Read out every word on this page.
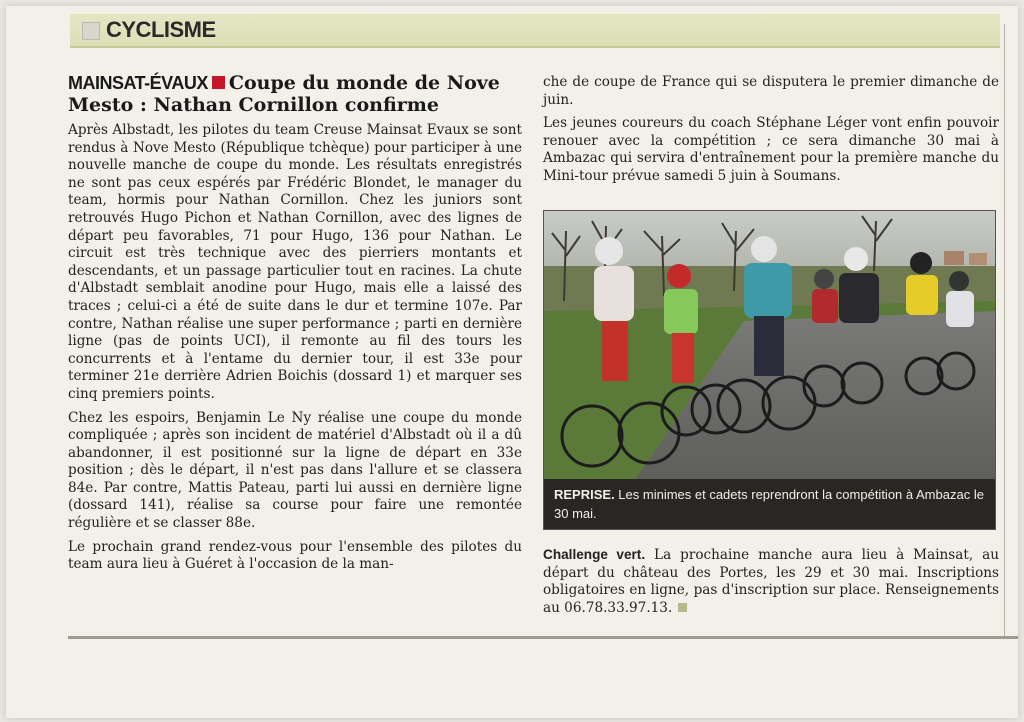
CYCLISME
MAINSAT-ÉVAUX Coupe du monde de Nove Mesto : Nathan Cornillon confirme

Après Albstadt, les pilotes du team Creuse Mainsat Evaux se sont rendus à Nove Mesto (République tchèque) pour participer à une nouvelle manche de coupe du monde. Les résultats enregistrés ne sont pas ceux espérés par Frédéric Blondet, le manager du team, hormis pour Nathan Cornillon. Chez les juniors sont retrouvés Hugo Pichon et Nathan Cornillon, avec des lignes de départ peu favorables, 71 pour Hugo, 136 pour Nathan. Le circuit est très technique avec des pierriers montants et descendants, et un passage particulier tout en racines. La chute d'Albstadt semblait anodine pour Hugo, mais elle a laissé des traces ; celui-ci a été de suite dans le dur et termine 107e. Par contre, Nathan réalise une super performance ; parti en dernière ligne (pas de points UCI), il remonte au fil des tours les concurrents et à l'entame du dernier tour, il est 33e pour terminer 21e derrière Adrien Boichis (dossard 1) et marquer ses cinq premiers points.

Chez les espoirs, Benjamin Le Ny réalise une coupe du monde compliquée ; après son incident de matériel d'Albstadt où il a dû abandonner, il est positionné sur la ligne de départ en 33e position ; dès le départ, il n'est pas dans l'allure et se classera 84e. Par contre, Mattis Pateau, parti lui aussi en dernière ligne (dossard 141), réalise sa course pour faire une remontée régulière et se classer 88e.

Le prochain grand rendez-vous pour l'ensemble des pilotes du team aura lieu à Guéret à l'occasion de la man-

che de coupe de France qui se disputera le premier dimanche de juin.

Les jeunes coureurs du coach Stéphane Léger vont enfin pouvoir renouer avec la compétition ; ce sera dimanche 30 mai à Ambazac qui servira d'entraînement pour la première manche du Mini-tour prévue samedi 5 juin à Soumans.

REPRISE. Les minimes et cadets reprendront la compétition à Ambazac le 30 mai.
Challenge vert. La prochaine manche aura lieu à Mainsat, au départ du château des Portes, les 29 et 30 mai. Inscriptions obligatoires en ligne, pas d'inscription sur place. Renseignements au 06.78.33.97.13.
